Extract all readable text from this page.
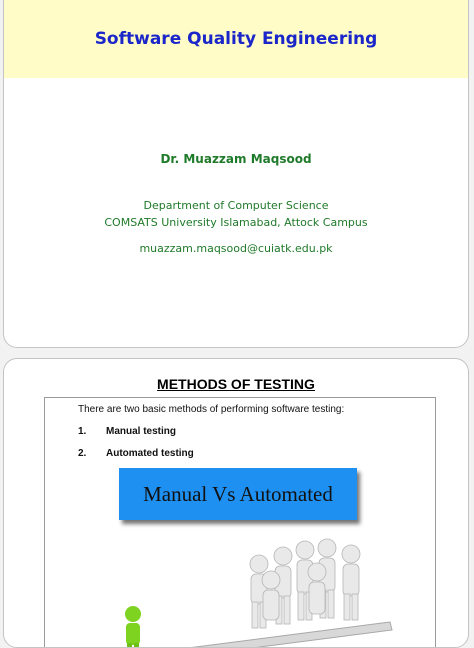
Software Quality Engineering
Dr. Muazzam Maqsood
Department of Computer Science
COMSATS University Islamabad, Attock Campus
muazzam.maqsood@cuiatk.edu.pk
METHODS OF TESTING
There are two basic methods of performing software testing:
1. Manual testing
2. Automated testing
Manual Vs Automated
